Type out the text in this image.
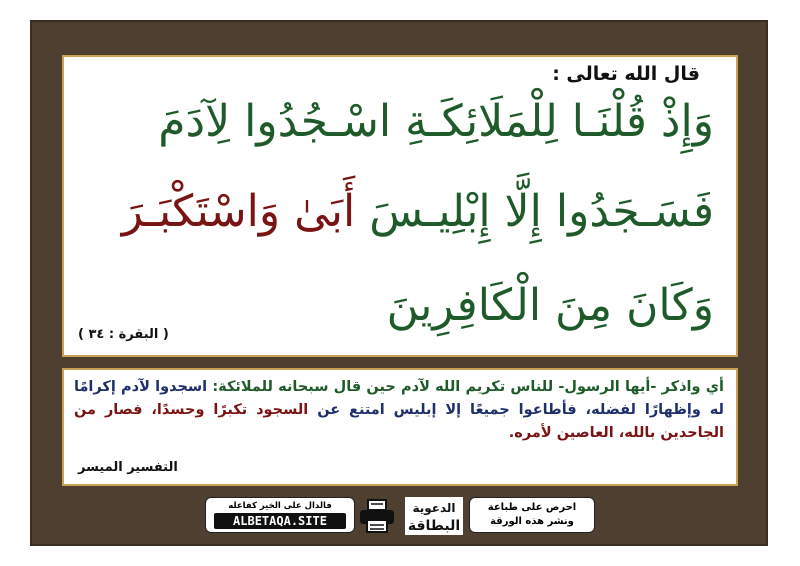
قال الله تعالى :
وَإِذْ قُلْنَـا لِلْمَلَائِكَـةِ اسْـجُدُوا لِآدَمَ
فَسَـجَدُوا إِلَّا إِبْلِيـسَ أَبَىٰ وَاسْتَكْبَـرَ
وَكَانَ مِنَ الْكَافِرِينَ
( البقرة : ٣٤ )
أي واذكر -أيها الرسول- للناس تكريم الله لآدم حين قال سبحانه للملائكة: اسجدوا لآدم إكرامًا له وإظهارًا لفضله، فأطاعوا جميعًا إلا إبليس امتنع عن السجود تكبرًا وحسدًا، فصار من الجاحدين بالله، العاصين لأمره.
التفسير الميسر
احرص على طباعة
ونشر هذه الورقة
الدعوية
البطاقة
فالدال على الخير كفاعله
ALBETAQA.SITE
